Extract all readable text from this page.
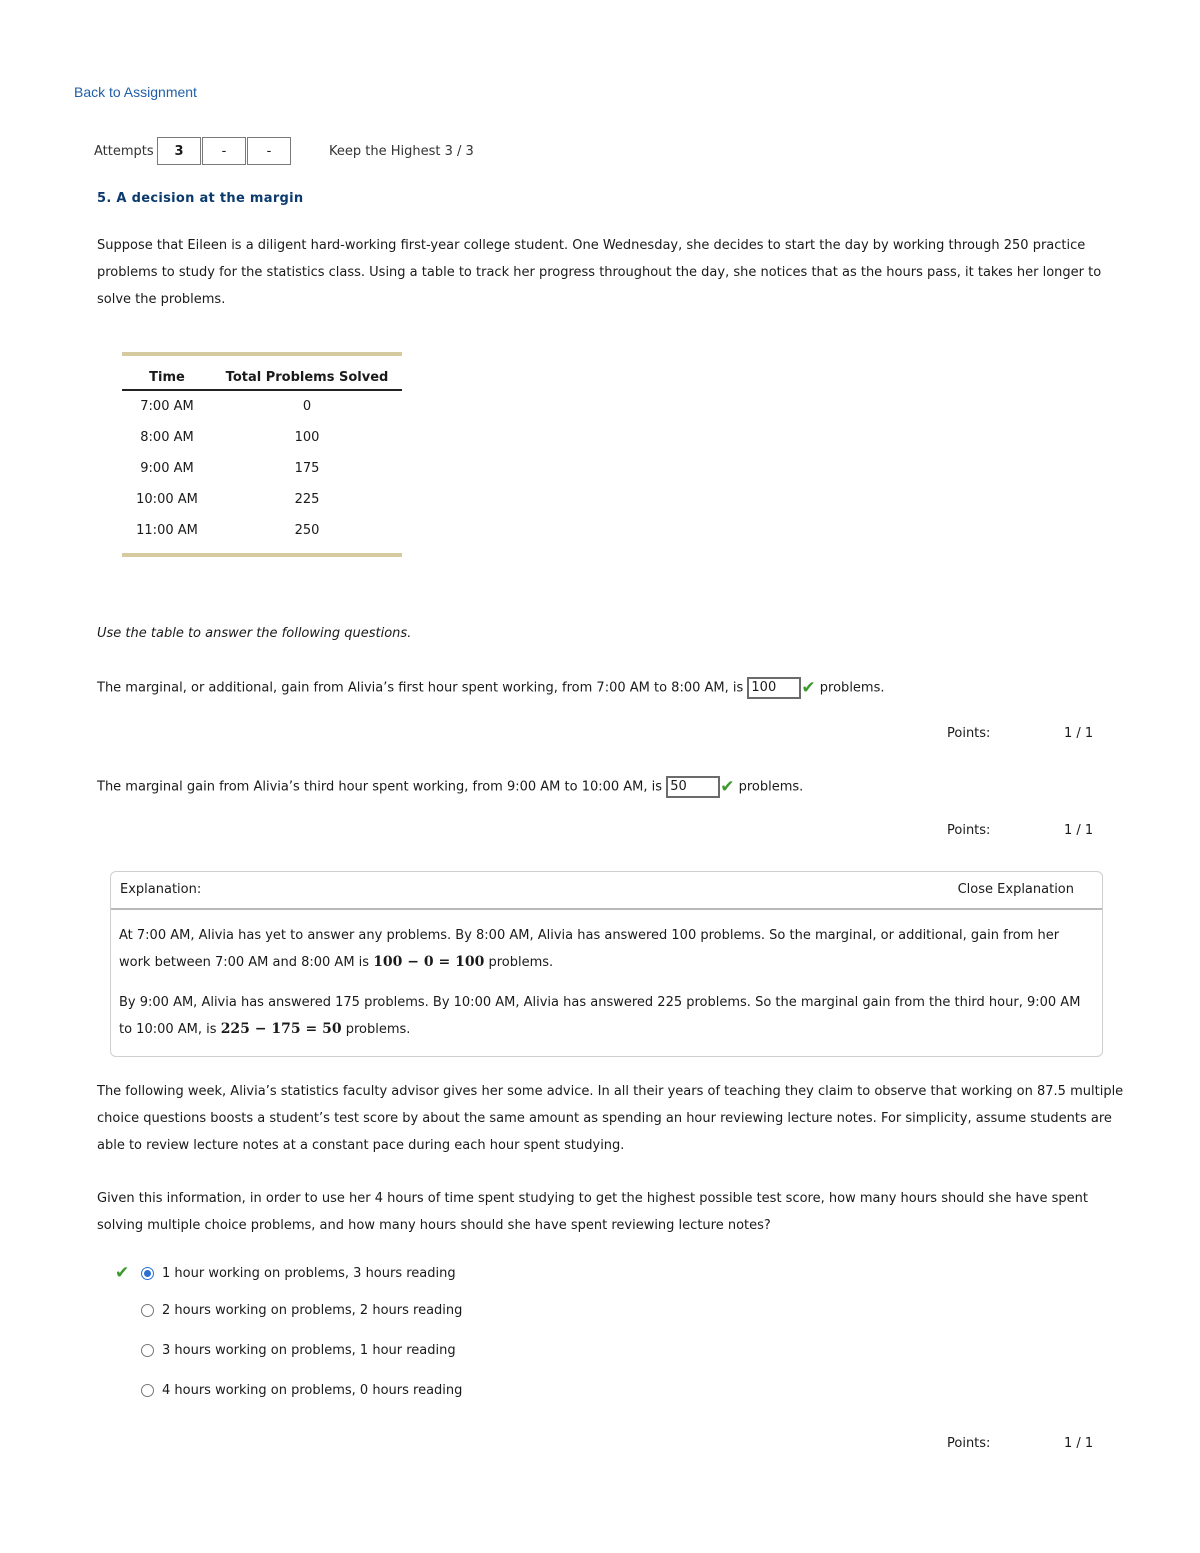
Back to Assignment
Attempts	3	-	-	Keep the Highest 3 / 3
5. A decision at the margin
Suppose that Eileen is a diligent hard-working first-year college student. One Wednesday, she decides to start the day by working through 250 practice problems to study for the statistics class. Using a table to track her progress throughout the day, she notices that as the hours pass, it takes her longer to solve the problems.
Time	Total Problems Solved
7:00 AM	0
8:00 AM	100
9:00 AM	175
10:00 AM	225
11:00 AM	250
Use the table to answer the following questions.
The marginal, or additional, gain from Alivia’s first hour spent working, from 7:00 AM to 8:00 AM, is 100 ✔ problems.
Points:	1 / 1
The marginal gain from Alivia’s third hour spent working, from 9:00 AM to 10:00 AM, is 50 ✔ problems.
Points:	1 / 1
Explanation:	Close Explanation

At 7:00 AM, Alivia has yet to answer any problems. By 8:00 AM, Alivia has answered 100 problems. So the marginal, or additional, gain from her work between 7:00 AM and 8:00 AM is 100 − 0 = 100 problems.

By 9:00 AM, Alivia has answered 175 problems. By 10:00 AM, Alivia has answered 225 problems. So the marginal gain from the third hour, 9:00 AM to 10:00 AM, is 225 − 175 = 50 problems.

The following week, Alivia’s statistics faculty advisor gives her some advice. In all their years of teaching they claim to observe that working on 87.5 multiple choice questions boosts a student’s test score by about the same amount as spending an hour reviewing lecture notes. For simplicity, assume students are able to review lecture notes at a constant pace during each hour spent studying.
Given this information, in order to use her 4 hours of time spent studying to get the highest possible test score, how many hours should she have spent solving multiple choice problems, and how many hours should she have spent reviewing lecture notes?
✔	1 hour working on problems, 3 hours reading
2 hours working on problems, 2 hours reading
3 hours working on problems, 1 hour reading
4 hours working on problems, 0 hours reading
Points:	1 / 1
